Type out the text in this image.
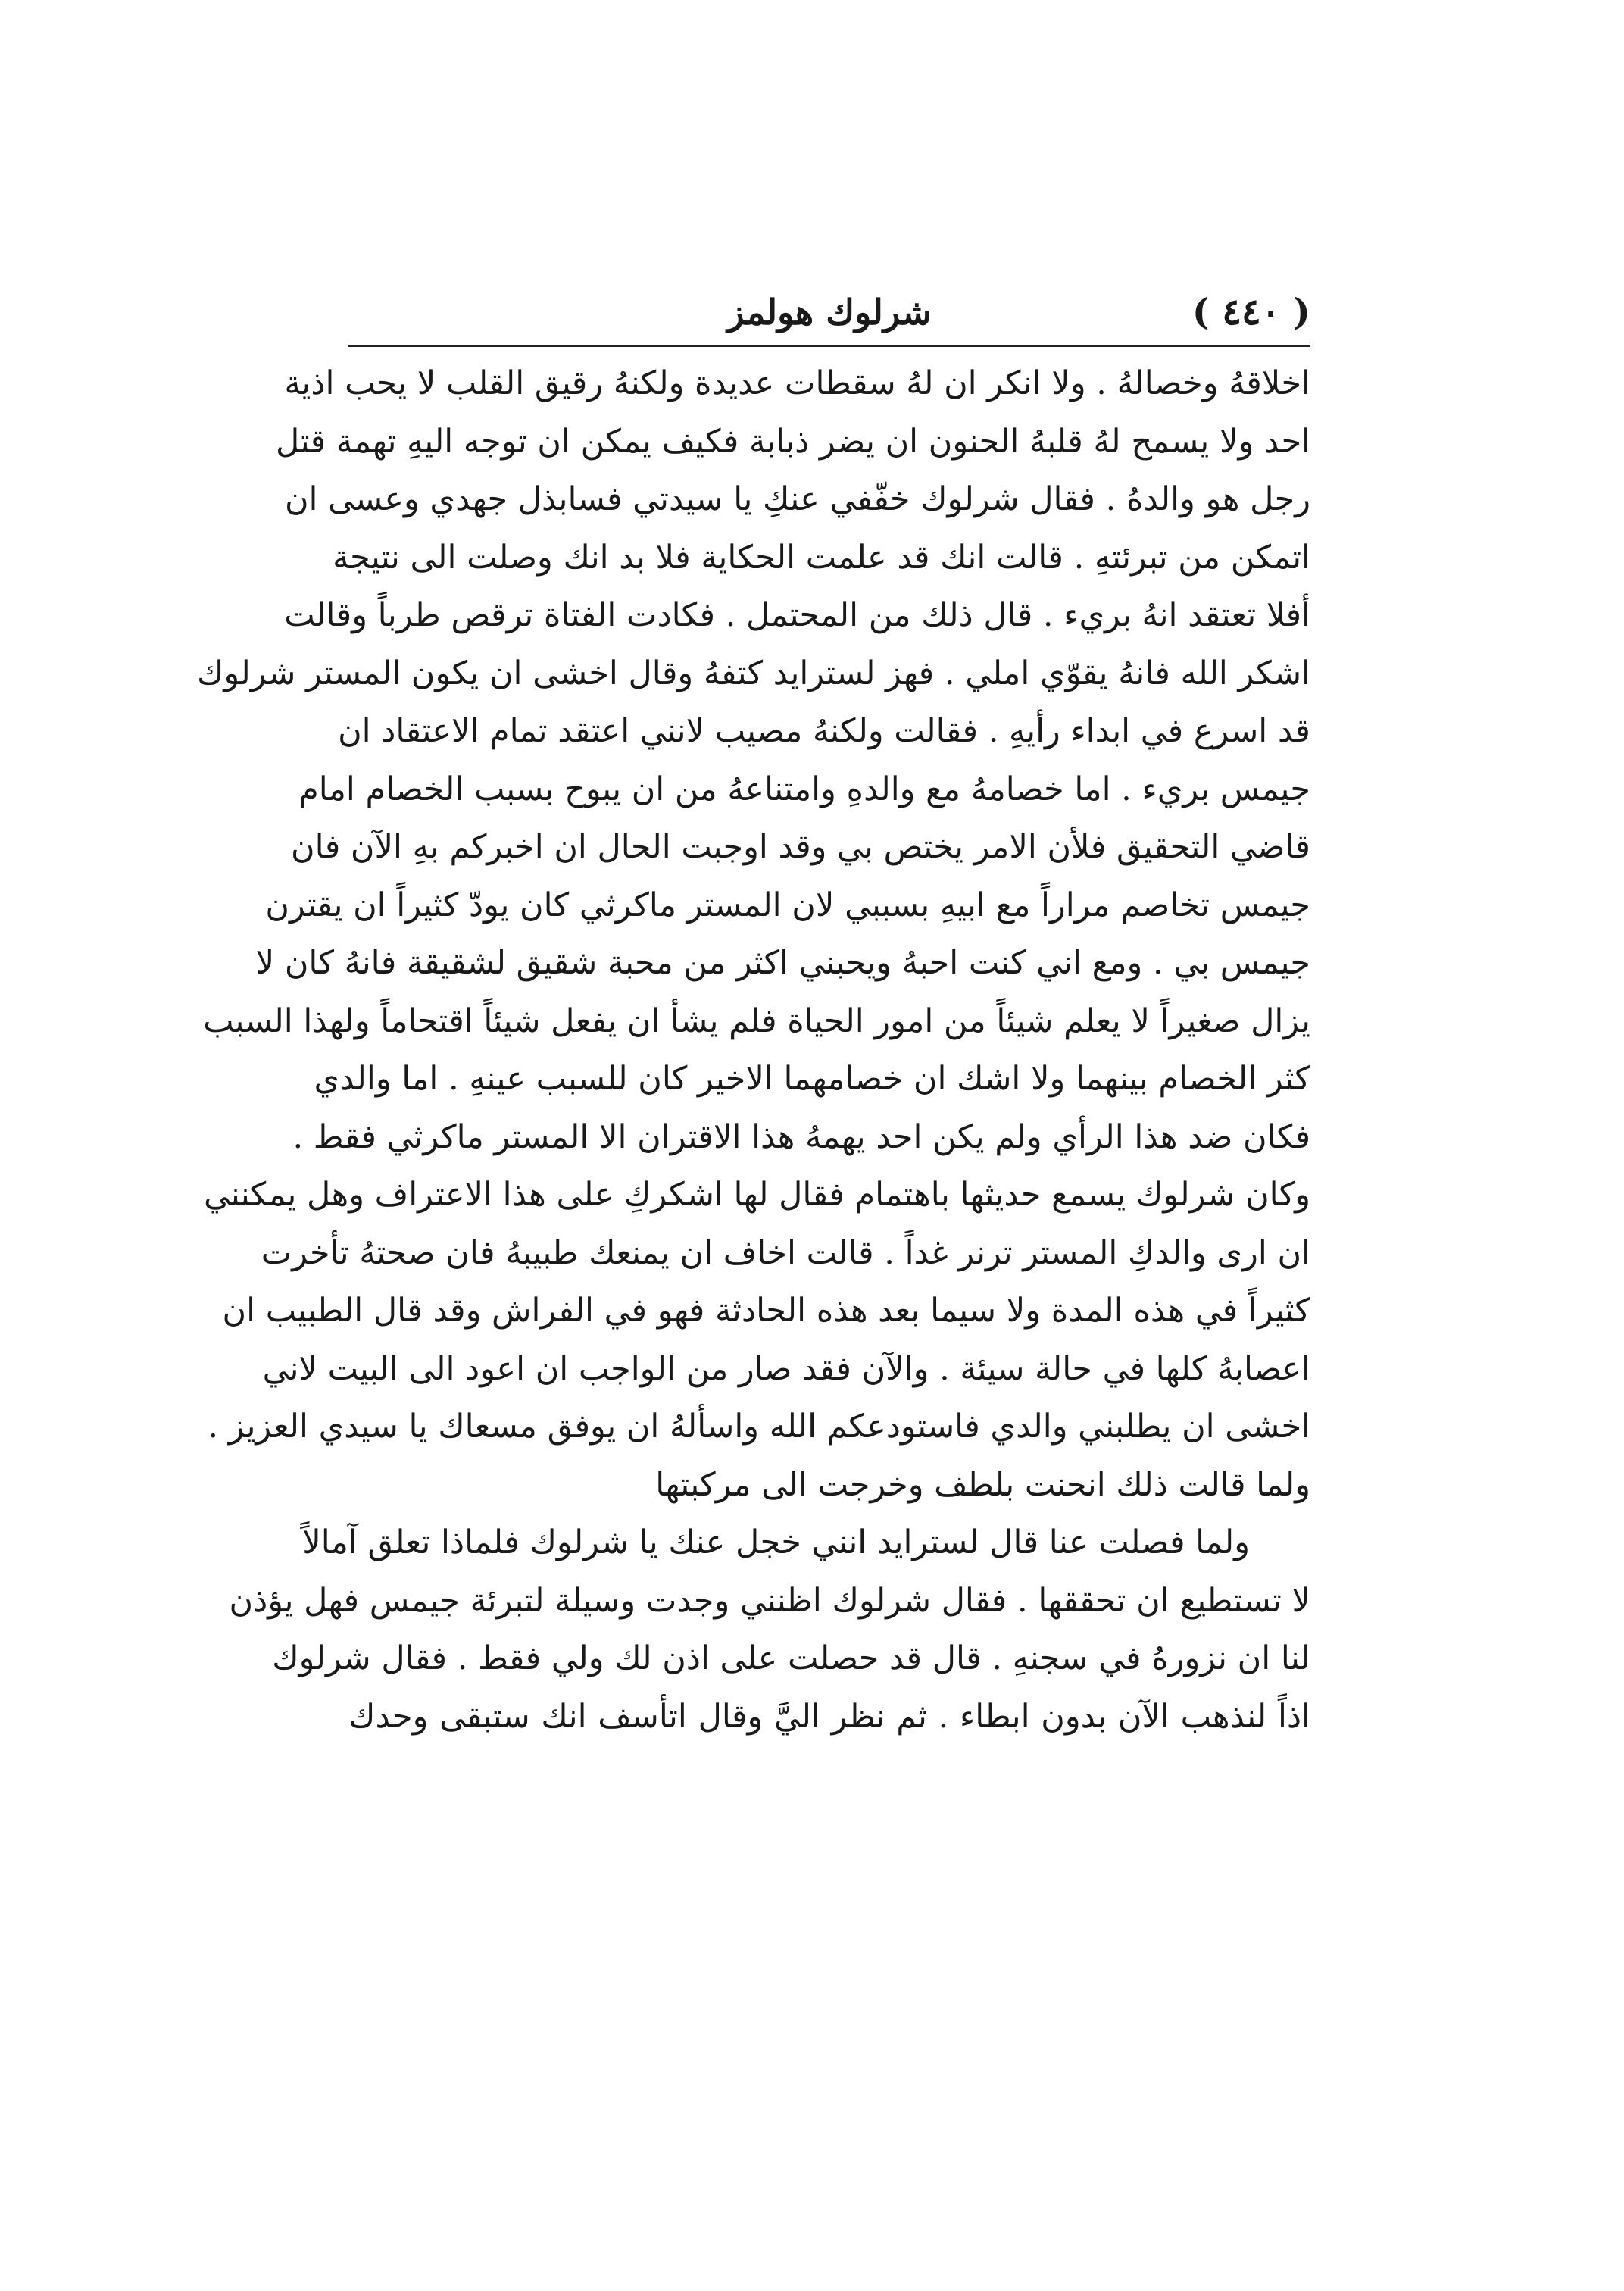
( ٤٤٠ )
شرلوك هولمز
اخلاقهُ وخصالهُ . ولا انكر ان لهُ سقطات عديدة ولكنهُ رقيق القلب لا يحب اذية
احد ولا يسمح لهُ قلبهُ الحنون ان يضر ذبابة فكيف يمكن ان توجه اليهِ تهمة قتل
رجل هو والدهُ . فقال شرلوك خفّفي عنكِ يا سيدتي فسابذل جهدي وعسى ان
اتمكن من تبرئتهِ . قالت انك قد علمت الحكاية فلا بد انك وصلت الى نتيجة
أفلا تعتقد انهُ بريء . قال ذلك من المحتمل . فكادت الفتاة ترقص طرباً وقالت
اشكر الله فانهُ يقوّي املي . فهز لسترايد كتفهُ وقال اخشى ان يكون المستر شرلوك
قد اسرع في ابداء رأيهِ . فقالت ولكنهُ مصيب لانني اعتقد تمام الاعتقاد ان
جيمس بريء . اما خصامهُ مع والدهِ وامتناعهُ من ان يبوح بسبب الخصام امام
قاضي التحقيق فلأن الامر يختص بي وقد اوجبت الحال ان اخبركم بهِ الآن فان
جيمس تخاصم مراراً مع ابيهِ بسببي لان المستر ماكرثي كان يودّ كثيراً ان يقترن
جيمس بي . ومع اني كنت احبهُ ويحبني اكثر من محبة شقيق لشقيقة فانهُ كان لا
يزال صغيراً لا يعلم شيئاً من امور الحياة فلم يشأ ان يفعل شيئاً اقتحاماً ولهذا السبب
كثر الخصام بينهما ولا اشك ان خصامهما الاخير كان للسبب عينهِ . اما والدي
فكان ضد هذا الرأي ولم يكن احد يهمهُ هذا الاقتران الا المستر ماكرثي فقط .
وكان شرلوك يسمع حديثها باهتمام فقال لها اشكركِ على هذا الاعتراف وهل يمكنني
ان ارى والدكِ المستر ترنر غداً . قالت اخاف ان يمنعك طبيبهُ فان صحتهُ تأخرت
كثيراً في هذه المدة ولا سيما بعد هذه الحادثة فهو في الفراش وقد قال الطبيب ان
اعصابهُ كلها في حالة سيئة . والآن فقد صار من الواجب ان اعود الى البيت لاني
اخشى ان يطلبني والدي فاستودعكم الله واسألهُ ان يوفق مسعاك يا سيدي العزيز .
ولما قالت ذلك انحنت بلطف وخرجت الى مركبتها
ولما فصلت عنا قال لسترايد انني خجل عنك يا شرلوك فلماذا تعلق آمالاً
لا تستطيع ان تحققها . فقال شرلوك اظنني وجدت وسيلة لتبرئة جيمس فهل يؤذن
لنا ان نزورهُ في سجنهِ . قال قد حصلت على اذن لك ولي فقط . فقال شرلوك
اذاً لنذهب الآن بدون ابطاء . ثم نظر اليَّ وقال اتأسف انك ستبقى وحدك
